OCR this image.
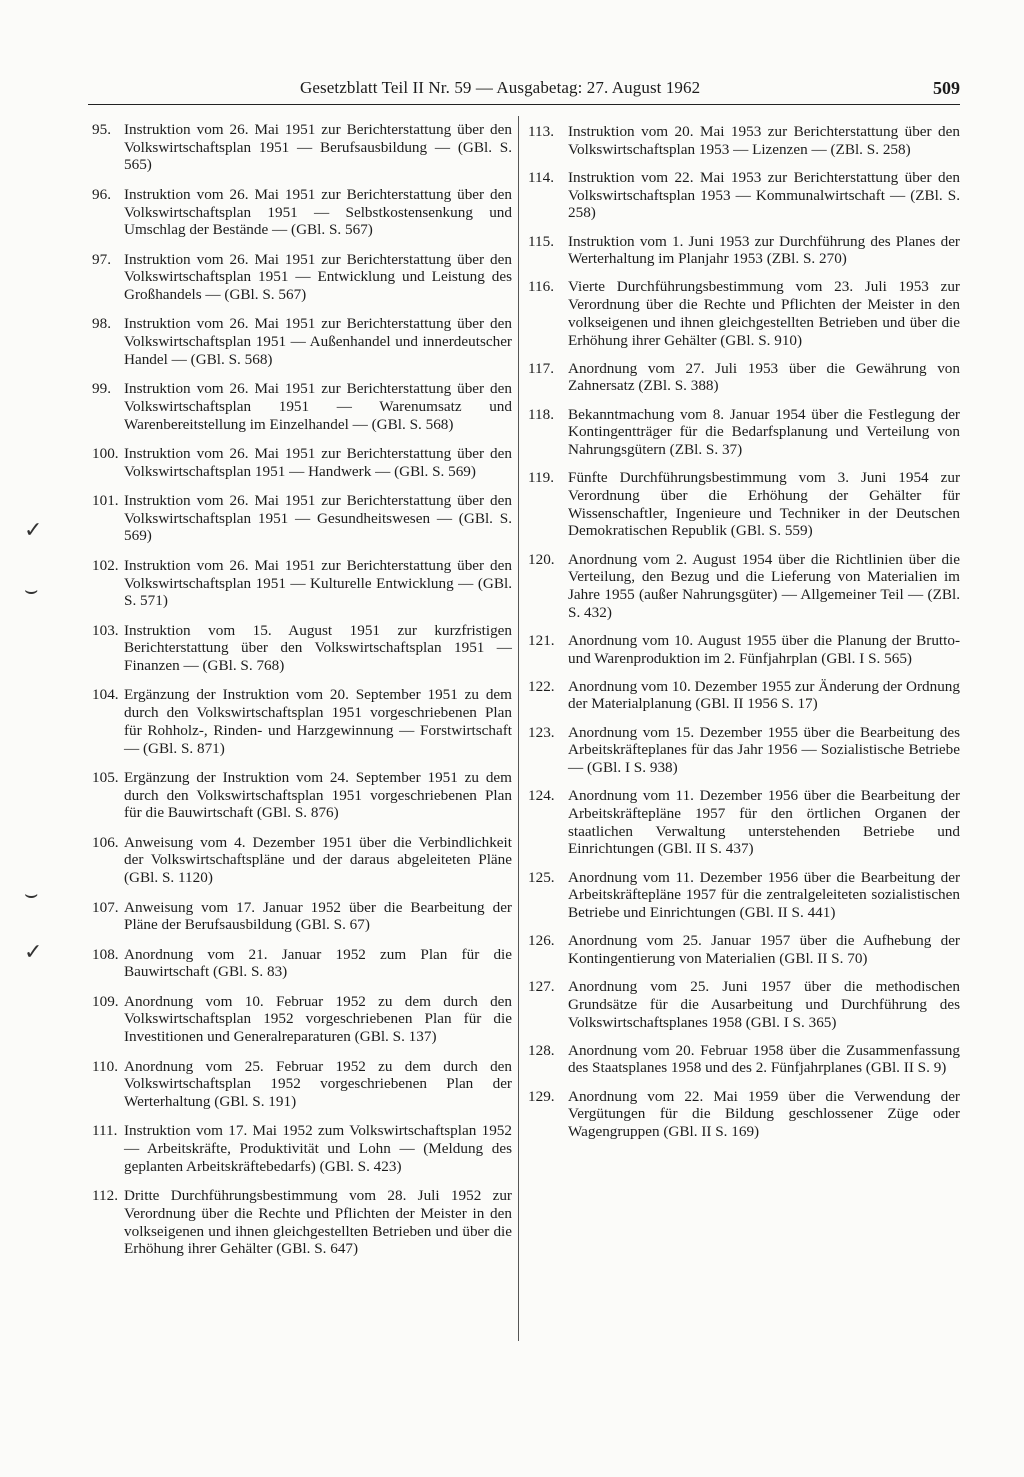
Gesetzblatt Teil II Nr. 59 — Ausgabetag: 27. August 1962	509
✓
⌣
⌣
✓
95. Instruktion vom 26. Mai 1951 zur Berichterstattung über den Volkswirtschaftsplan 1951 — Berufsausbildung — (GBl. S. 565)
96. Instruktion vom 26. Mai 1951 zur Berichterstattung über den Volkswirtschaftsplan 1951 — Selbstkostensenkung und Umschlag der Bestände — (GBl. S. 567)
97. Instruktion vom 26. Mai 1951 zur Berichterstattung über den Volkswirtschaftsplan 1951 — Entwicklung und Leistung des Großhandels — (GBl. S. 567)
98. Instruktion vom 26. Mai 1951 zur Berichterstattung über den Volkswirtschaftsplan 1951 — Außenhandel und innerdeutscher Handel — (GBl. S. 568)
99. Instruktion vom 26. Mai 1951 zur Berichterstattung über den Volkswirtschaftsplan 1951 — Warenumsatz und Warenbereitstellung im Einzelhandel — (GBl. S. 568)
100. Instruktion vom 26. Mai 1951 zur Berichterstattung über den Volkswirtschaftsplan 1951 — Handwerk — (GBl. S. 569)
101. Instruktion vom 26. Mai 1951 zur Berichterstattung über den Volkswirtschaftsplan 1951 — Gesundheitswesen — (GBl. S. 569)
102. Instruktion vom 26. Mai 1951 zur Berichterstattung über den Volkswirtschaftsplan 1951 — Kulturelle Entwicklung — (GBl. S. 571)
103. Instruktion vom 15. August 1951 zur kurzfristigen Berichterstattung über den Volkswirtschaftsplan 1951 — Finanzen — (GBl. S. 768)
104. Ergänzung der Instruktion vom 20. September 1951 zu dem durch den Volkswirtschaftsplan 1951 vorgeschriebenen Plan für Rohholz-, Rinden- und Harzgewinnung — Forstwirtschaft — (GBl. S. 871)
105. Ergänzung der Instruktion vom 24. September 1951 zu dem durch den Volkswirtschaftsplan 1951 vorgeschriebenen Plan für die Bauwirtschaft (GBl. S. 876)
106. Anweisung vom 4. Dezember 1951 über die Verbindlichkeit der Volkswirtschaftspläne und der daraus abgeleiteten Pläne (GBl. S. 1120)
107. Anweisung vom 17. Januar 1952 über die Bearbeitung der Pläne der Berufsausbildung (GBl. S. 67)
108. Anordnung vom 21. Januar 1952 zum Plan für die Bauwirtschaft (GBl. S. 83)
109. Anordnung vom 10. Februar 1952 zu dem durch den Volkswirtschaftsplan 1952 vorgeschriebenen Plan für die Investitionen und Generalreparaturen (GBl. S. 137)
110. Anordnung vom 25. Februar 1952 zu dem durch den Volkswirtschaftsplan 1952 vorgeschriebenen Plan der Werterhaltung (GBl. S. 191)
111. Instruktion vom 17. Mai 1952 zum Volkswirtschaftsplan 1952 — Arbeitskräfte, Produktivität und Lohn — (Meldung des geplanten Arbeitskräftebedarfs) (GBl. S. 423)
112. Dritte Durchführungsbestimmung vom 28. Juli 1952 zur Verordnung über die Rechte und Pflichten der Meister in den volkseigenen und ihnen gleichgestellten Betrieben und über die Erhöhung ihrer Gehälter (GBl. S. 647)
113. Instruktion vom 20. Mai 1953 zur Berichterstattung über den Volkswirtschaftsplan 1953 — Lizenzen — (ZBl. S. 258)
114. Instruktion vom 22. Mai 1953 zur Berichterstattung über den Volkswirtschaftsplan 1953 — Kommunalwirtschaft — (ZBl. S. 258)
115. Instruktion vom 1. Juni 1953 zur Durchführung des Planes der Werterhaltung im Planjahr 1953 (ZBl. S. 270)
116. Vierte Durchführungsbestimmung vom 23. Juli 1953 zur Verordnung über die Rechte und Pflichten der Meister in den volkseigenen und ihnen gleichgestellten Betrieben und über die Erhöhung ihrer Gehälter (GBl. S. 910)
117. Anordnung vom 27. Juli 1953 über die Gewährung von Zahnersatz (ZBl. S. 388)
118. Bekanntmachung vom 8. Januar 1954 über die Festlegung der Kontingentträger für die Bedarfsplanung und Verteilung von Nahrungsgütern (ZBl. S. 37)
119. Fünfte Durchführungsbestimmung vom 3. Juni 1954 zur Verordnung über die Erhöhung der Gehälter für Wissenschaftler, Ingenieure und Techniker in der Deutschen Demokratischen Republik (GBl. S. 559)
120. Anordnung vom 2. August 1954 über die Richtlinien über die Verteilung, den Bezug und die Lieferung von Materialien im Jahre 1955 (außer Nahrungsgüter) — Allgemeiner Teil — (ZBl. S. 432)
121. Anordnung vom 10. August 1955 über die Planung der Brutto- und Warenproduktion im 2. Fünfjahrplan (GBl. I S. 565)
122. Anordnung vom 10. Dezember 1955 zur Änderung der Ordnung der Materialplanung (GBl. II 1956 S. 17)
123. Anordnung vom 15. Dezember 1955 über die Bearbeitung des Arbeitskräfteplanes für das Jahr 1956 — Sozialistische Betriebe — (GBl. I S. 938)
124. Anordnung vom 11. Dezember 1956 über die Bearbeitung der Arbeitskräftepläne 1957 für den örtlichen Organen der staatlichen Verwaltung unterstehenden Betriebe und Einrichtungen (GBl. II S. 437)
125. Anordnung vom 11. Dezember 1956 über die Bearbeitung der Arbeitskräftepläne 1957 für die zentralgeleiteten sozialistischen Betriebe und Einrichtungen (GBl. II S. 441)
126. Anordnung vom 25. Januar 1957 über die Aufhebung der Kontingentierung von Materialien (GBl. II S. 70)
127. Anordnung vom 25. Juni 1957 über die methodischen Grundsätze für die Ausarbeitung und Durchführung des Volkswirtschaftsplanes 1958 (GBl. I S. 365)
128. Anordnung vom 20. Februar 1958 über die Zusammenfassung des Staatsplanes 1958 und des 2. Fünfjahrplanes (GBl. II S. 9)
129. Anordnung vom 22. Mai 1959 über die Verwendung der Vergütungen für die Bildung geschlossener Züge oder Wagengruppen (GBl. II S. 169)
